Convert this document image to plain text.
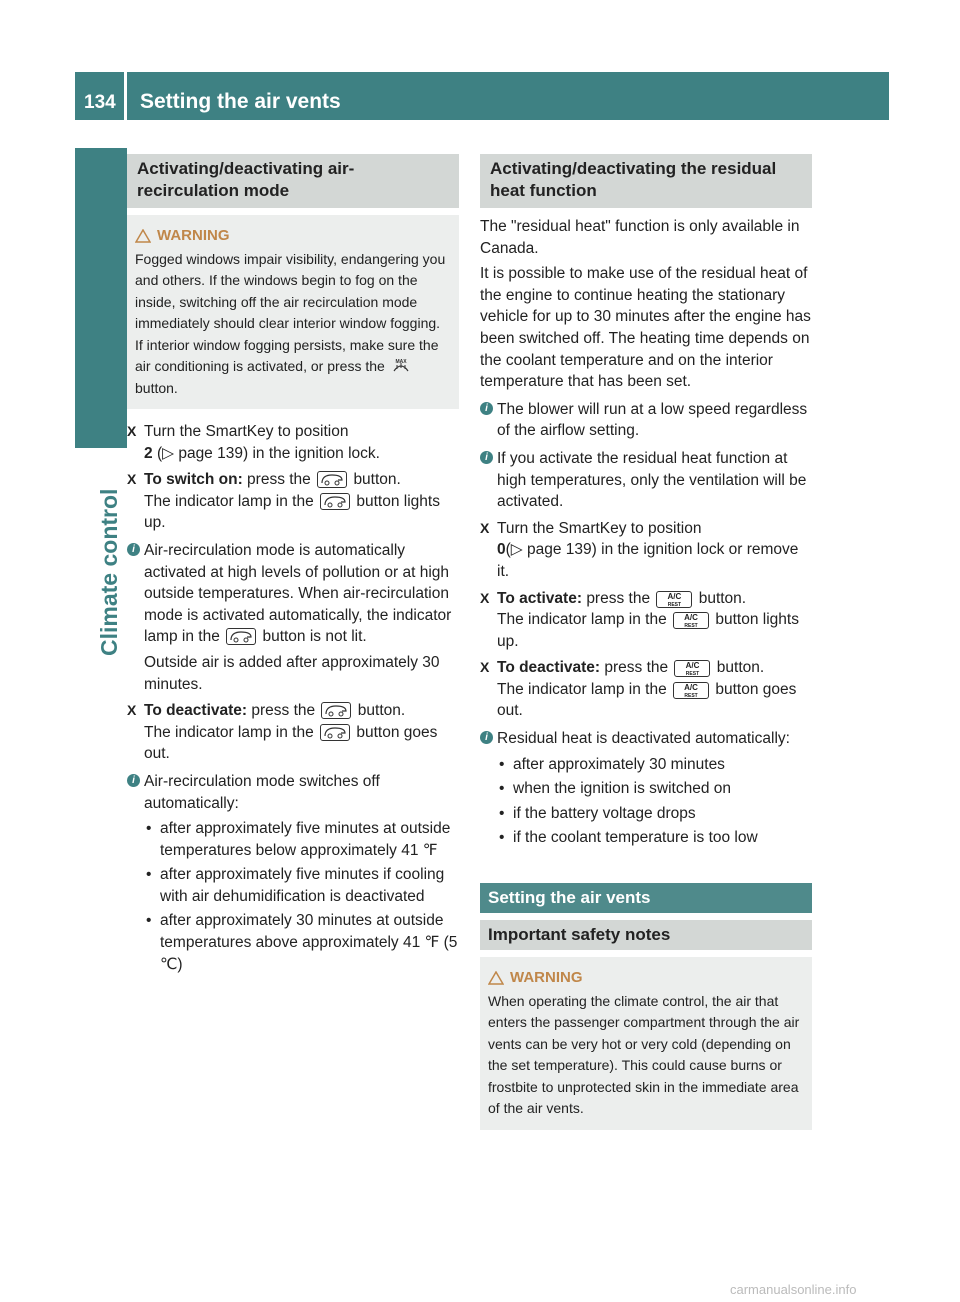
134 Setting the air vents
Climate control
Activating/deactivating air-recirculation mode
WARNING
Fogged windows impair visibility, endangering you and others. If the windows begin to fog on the inside, switching off the air recirculation mode immediately should clear interior window fogging. If interior window fogging persists, make sure the air conditioning is activated, or press the MAX
button.
X Turn the SmartKey to position
2 (▷ page 139) in the ignition lock.
X To switch on: press the	button.
The indicator lamp in the	button lights up.
i Air-recirculation mode is automatically activated at high levels of pollution or at high outside temperatures. When air-recirculation mode is activated automatically, the indicator lamp in the	button is not lit.

Outside air is added after approximately 30 minutes.

X To deactivate: press the	button.
The indicator lamp in the	button goes out.
i Air-recirculation mode switches off automatically:
• after approximately five minutes at outside temperatures below approximately 41 ℉
• after approximately five minutes if cooling with air dehumidification is deactivated
• after approximately 30 minutes at outside temperatures above approximately 41 ℉ (5 ℃)
Activating/deactivating the residual heat function

The "residual heat" function is only available in Canada.

It is possible to make use of the residual heat of the engine to continue heating the stationary vehicle for up to 30 minutes after the engine has been switched off. The heating time depends on the coolant temperature and on the interior temperature that has been set.

i The blower will run at a low speed regardless of the airflow setting.
i If you activate the residual heat function at high temperatures, only the ventilation will be activated.
X Turn the SmartKey to position
0(▷ page 139) in the ignition lock or remove it.
X To activate: press the A/C
REST button.
The indicator lamp in the A/C
REST button lights up.
X To deactivate: press the A/C
REST button.
The indicator lamp in the A/C
REST button goes out.
i Residual heat is deactivated automatically:
• after approximately 30 minutes
• when the ignition is switched on
• if the battery voltage drops
• if the coolant temperature is too low
Setting the air vents
Important safety notes
WARNING
When operating the climate control, the air that enters the passenger compartment through the air vents can be very hot or very cold (depending on the set temperature). This could cause burns or frostbite to unprotected skin in the immediate area of the air vents.
carmanualsonline.info
